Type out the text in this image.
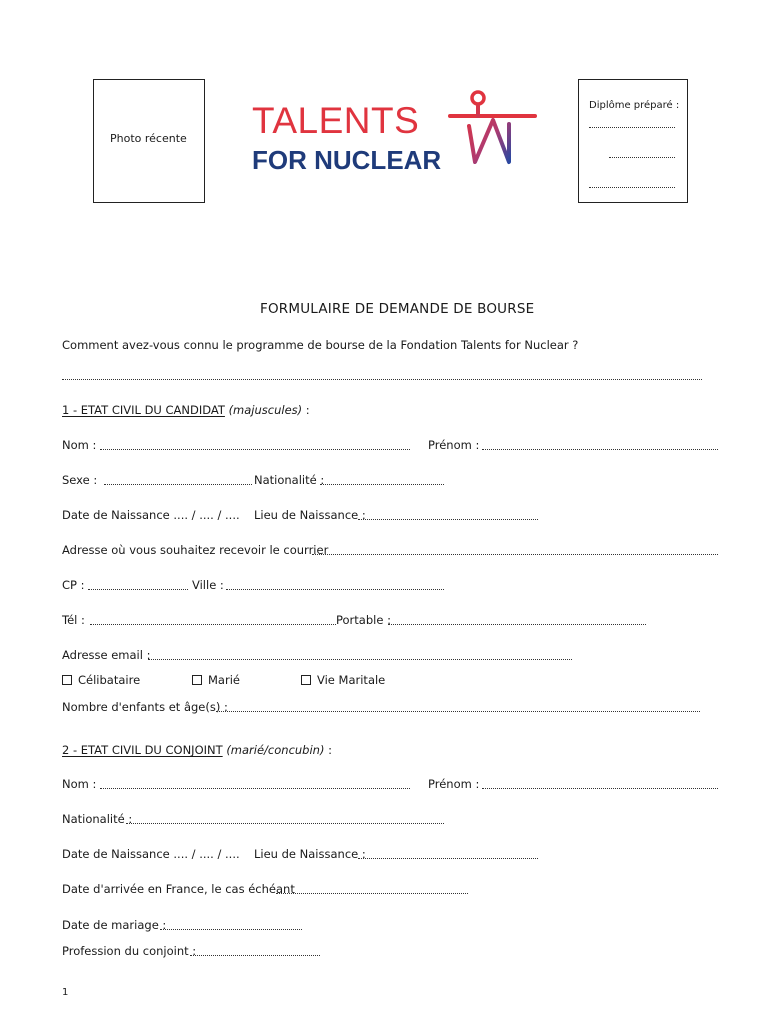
Photo récente TALENTS
FOR NUCLEAR
Diplôme préparé :
FORMULAIRE DE DEMANDE DE BOURSE
Comment avez-vous connu le programme de bourse de la Fondation Talents for Nuclear ?
1 - ETAT CIVIL DU CANDIDAT (majuscules) :
Nom :	Prénom :
Sexe :	Nationalité :
Date de Naissance .... / .... / .... Lieu de Naissance :
Adresse où vous souhaitez recevoir le courrier
CP :	Ville :
Tél :	Portable :
Adresse email :
Célibataire	Marié	Vie Maritale
Nombre d'enfants et âge(s) :
2 - ETAT CIVIL DU CONJOINT (marié/concubin) :
Nom :	Prénom :
Nationalité :
Date de Naissance .... / .... / .... Lieu de Naissance :
Date d'arrivée en France, le cas échéant
Date de mariage :
Profession du conjoint :
1
